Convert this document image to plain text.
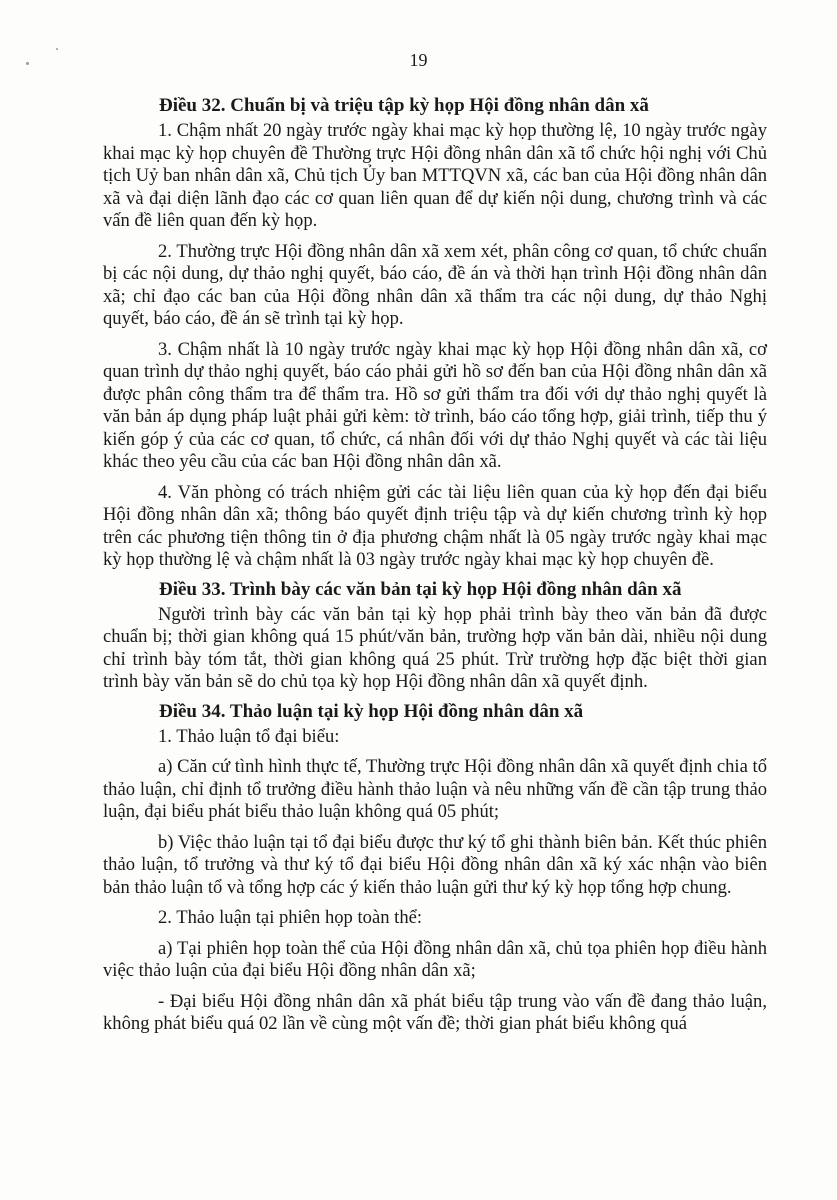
19
Điều 32. Chuẩn bị và triệu tập kỳ họp Hội đồng nhân dân xã

1. Chậm nhất 20 ngày trước ngày khai mạc kỳ họp thường lệ, 10 ngày trước ngày khai mạc kỳ họp chuyên đề Thường trực Hội đồng nhân dân xã tổ chức hội nghị với Chủ tịch Uỷ ban nhân dân xã, Chủ tịch Ủy ban MTTQVN xã, các ban của Hội đồng nhân dân xã và đại diện lãnh đạo các cơ quan liên quan để dự kiến nội dung, chương trình và các vấn đề liên quan đến kỳ họp.

2. Thường trực Hội đồng nhân dân xã xem xét, phân công cơ quan, tổ chức chuẩn bị các nội dung, dự thảo nghị quyết, báo cáo, đề án và thời hạn trình Hội đồng nhân dân xã; chỉ đạo các ban của Hội đồng nhân dân xã thẩm tra các nội dung, dự thảo Nghị quyết, báo cáo, đề án sẽ trình tại kỳ họp.

3. Chậm nhất là 10 ngày trước ngày khai mạc kỳ họp Hội đồng nhân dân xã, cơ quan trình dự thảo nghị quyết, báo cáo phải gửi hồ sơ đến ban của Hội đồng nhân dân xã được phân công thẩm tra để thẩm tra. Hồ sơ gửi thẩm tra đối với dự thảo nghị quyết là văn bản áp dụng pháp luật phải gửi kèm: tờ trình, báo cáo tổng hợp, giải trình, tiếp thu ý kiến góp ý của các cơ quan, tổ chức, cá nhân đối với dự thảo Nghị quyết và các tài liệu khác theo yêu cầu của các ban Hội đồng nhân dân xã.

4. Văn phòng có trách nhiệm gửi các tài liệu liên quan của kỳ họp đến đại biểu Hội đồng nhân dân xã; thông báo quyết định triệu tập và dự kiến chương trình kỳ họp trên các phương tiện thông tin ở địa phương chậm nhất là 05 ngày trước ngày khai mạc kỳ họp thường lệ và chậm nhất là 03 ngày trước ngày khai mạc kỳ họp chuyên đề.

Điều 33. Trình bày các văn bản tại kỳ họp Hội đồng nhân dân xã

Người trình bày các văn bản tại kỳ họp phải trình bày theo văn bản đã được chuẩn bị; thời gian không quá 15 phút/văn bản, trường hợp văn bản dài, nhiều nội dung chỉ trình bày tóm tắt, thời gian không quá 25 phút. Trừ trường hợp đặc biệt thời gian trình bày văn bản sẽ do chủ tọa kỳ họp Hội đồng nhân dân xã quyết định.

Điều 34. Thảo luận tại kỳ họp Hội đồng nhân dân xã

1. Thảo luận tổ đại biểu:

a) Căn cứ tình hình thực tế, Thường trực Hội đồng nhân dân xã quyết định chia tổ thảo luận, chỉ định tổ trưởng điều hành thảo luận và nêu những vấn đề cần tập trung thảo luận, đại biểu phát biểu thảo luận không quá 05 phút;

b) Việc thảo luận tại tổ đại biểu được thư ký tổ ghi thành biên bản. Kết thúc phiên thảo luận, tổ trưởng và thư ký tổ đại biểu Hội đồng nhân dân xã ký xác nhận vào biên bản thảo luận tổ và tổng hợp các ý kiến thảo luận gửi thư ký kỳ họp tổng hợp chung.

2. Thảo luận tại phiên họp toàn thể:

a) Tại phiên họp toàn thể của Hội đồng nhân dân xã, chủ tọa phiên họp điều hành việc thảo luận của đại biểu Hội đồng nhân dân xã;

- Đại biểu Hội đồng nhân dân xã phát biểu tập trung vào vấn đề đang thảo luận, không phát biểu quá 02 lần về cùng một vấn đề; thời gian phát biểu không quá
